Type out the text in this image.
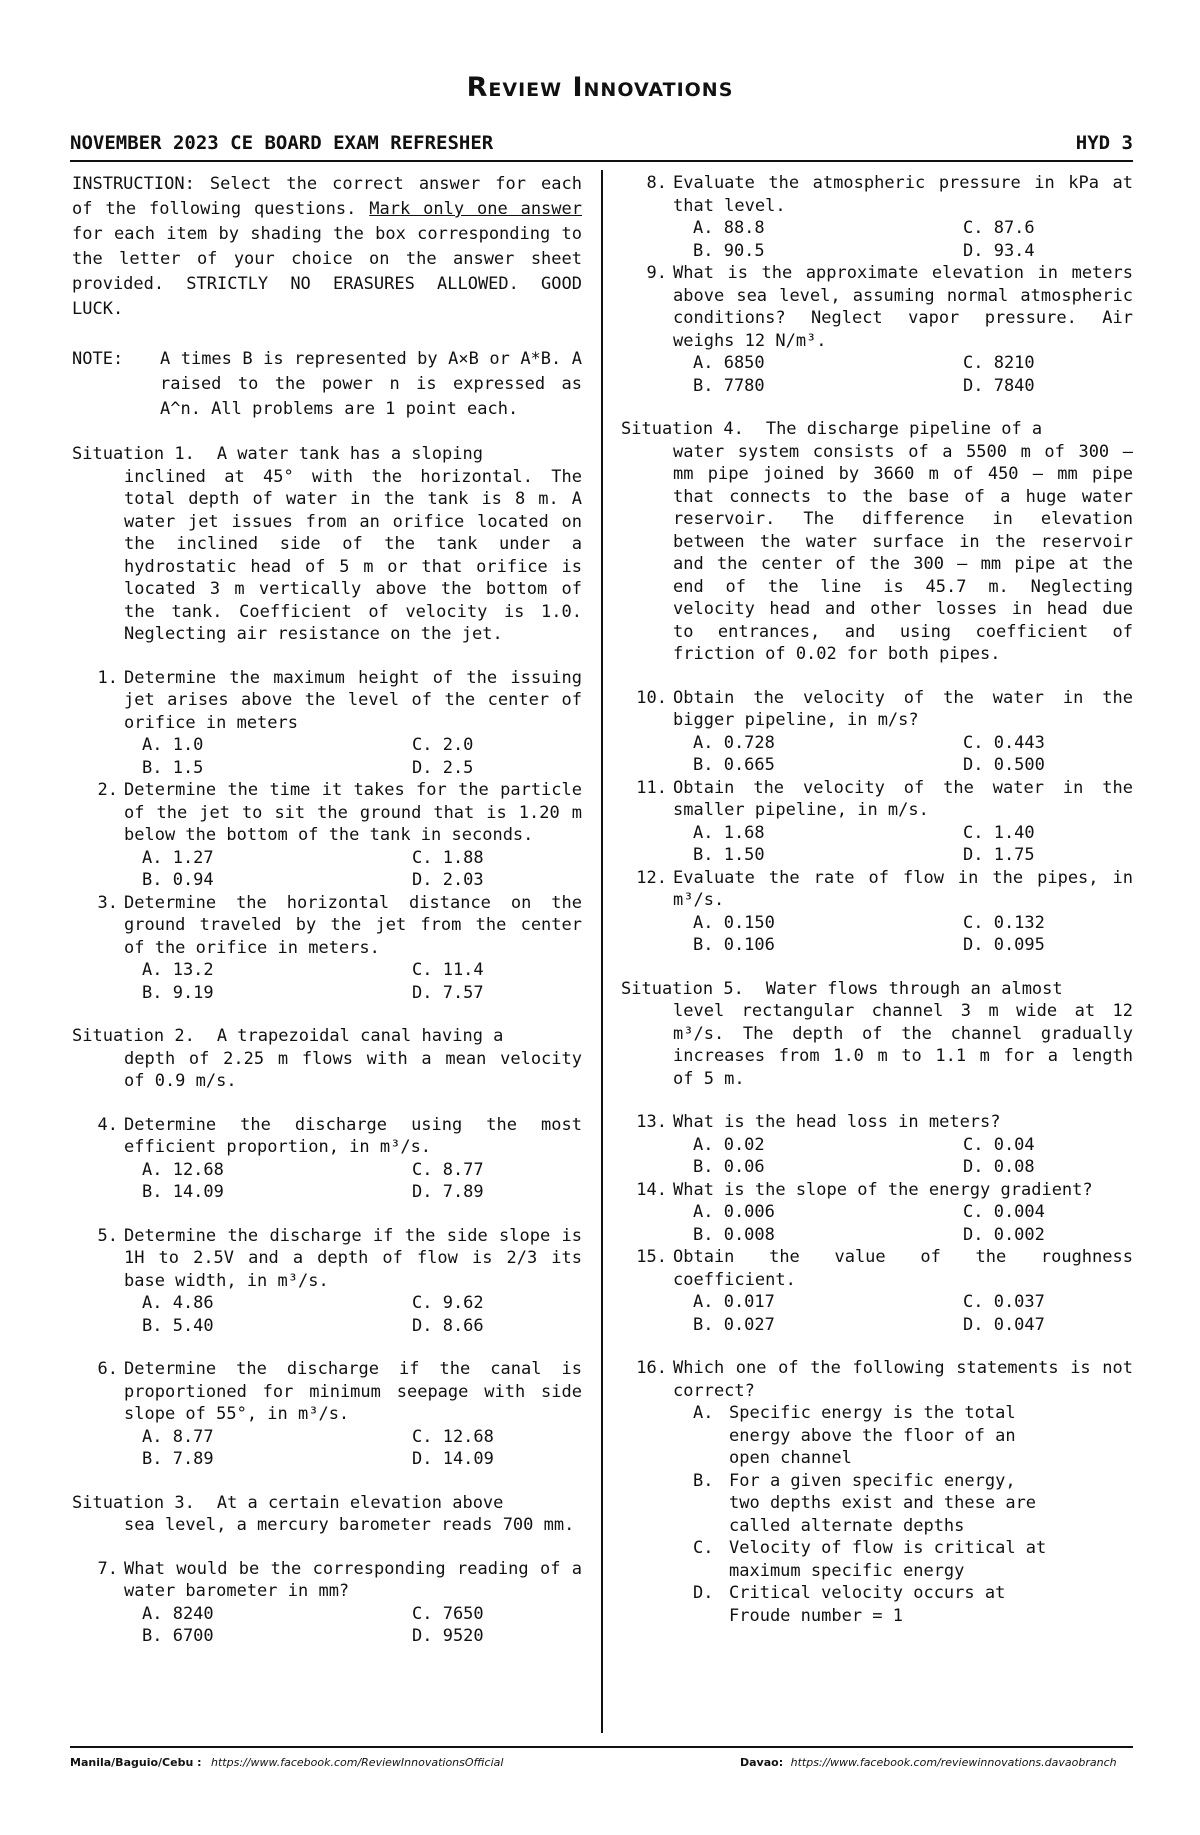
Review Innovations
NOVEMBER 2023 CE BOARD EXAM REFRESHER	HYD 3

INSTRUCTION: Select the correct answer for each of the following questions. Mark only one answer for each item by shading the box corresponding to the letter of your choice on the answer sheet provided. STRICTLY NO ERASURES ALLOWED. GOOD LUCK.

NOTE:	A times B is represented by A×B or A*B. A raised to the power n is expressed as A^n. All problems are 1 point each.
Situation 1.	A water tank has a sloping
inclined at 45° with the horizontal. The total depth of water in the tank is 8 m. A water jet issues from an orifice located on the inclined side of the tank under a hydrostatic head of 5 m or that orifice is located 3 m vertically above the bottom of the tank. Coefficient of velocity is 1.0. Neglecting air resistance on the jet.
1. Determine the maximum height of the issuing jet arises above the level of the center of orifice in meters
A. 1.0	C. 2.0
B. 1.5	D. 2.5
2. Determine the time it takes for the particle of the jet to sit the ground that is 1.20 m below the bottom of the tank in seconds.
A. 1.27	C. 1.88
B. 0.94	D. 2.03
3. Determine the horizontal distance on the ground traveled by the jet from the center of the orifice in meters.
A. 13.2	C. 11.4
B. 9.19	D. 7.57
Situation 2.	A trapezoidal canal having a
depth of 2.25 m flows with a mean velocity of 0.9 m/s.
4. Determine the discharge using the most efficient proportion, in m³/s.
A. 12.68	C. 8.77
B. 14.09	D. 7.89
5. Determine the discharge if the side slope is 1H to 2.5V and a depth of flow is 2/3 its base width, in m³/s.
A. 4.86	C. 9.62
B. 5.40	D. 8.66
6. Determine the discharge if the canal is proportioned for minimum seepage with side slope of 55°, in m³/s.
A. 8.77	C. 12.68
B. 7.89	D. 14.09
Situation 3.	At a certain elevation above
sea level, a mercury barometer reads 700 mm.
7. What would be the corresponding reading of a water barometer in mm?
A. 8240	C. 7650
B. 6700	D. 9520
8. Evaluate the atmospheric pressure in kPa at that level.
A. 88.8	C. 87.6
B. 90.5	D. 93.4
9. What is the approximate elevation in meters above sea level, assuming normal atmospheric conditions? Neglect vapor pressure. Air weighs 12 N/m³.
A. 6850	C. 8210
B. 7780	D. 7840
Situation 4.	The discharge pipeline of a
water system consists of a 5500 m of 300 – mm pipe joined by 3660 m of 450 – mm pipe that connects to the base of a huge water reservoir. The difference in elevation between the water surface in the reservoir and the center of the 300 – mm pipe at the end of the line is 45.7 m. Neglecting velocity head and other losses in head due to entrances, and using coefficient of friction of 0.02 for both pipes.
10. Obtain the velocity of the water in the bigger pipeline, in m/s?
A. 0.728	C. 0.443
B. 0.665	D. 0.500
11. Obtain the velocity of the water in the smaller pipeline, in m/s.
A. 1.68	C. 1.40
B. 1.50	D. 1.75
12. Evaluate the rate of flow in the pipes, in m³/s.
A. 0.150	C. 0.132
B. 0.106	D. 0.095
Situation 5.	Water flows through an almost
level rectangular channel 3 m wide at 12 m³/s. The depth of the channel gradually increases from 1.0 m to 1.1 m for a length of 5 m.
13. What is the head loss in meters?
A. 0.02	C. 0.04
B. 0.06	D. 0.08
14. What is the slope of the energy gradient?
A. 0.006	C. 0.004
B. 0.008	D. 0.002
15. Obtain the value of the roughness coefficient.
A. 0.017	C. 0.037
B. 0.027	D. 0.047
16. Which one of the following statements is not correct?
A. Specific energy is the total energy above the floor of an open channel
B. For a given specific energy, two depths exist and these are called alternate depths
C. Velocity of flow is critical at maximum specific energy
D. Critical velocity occurs at Froude number = 1
Manila/Baguio/Cebu : https://www.facebook.com/ReviewInnovationsOfficial	Davao: https://www.facebook.com/reviewinnovations.davaobranch
